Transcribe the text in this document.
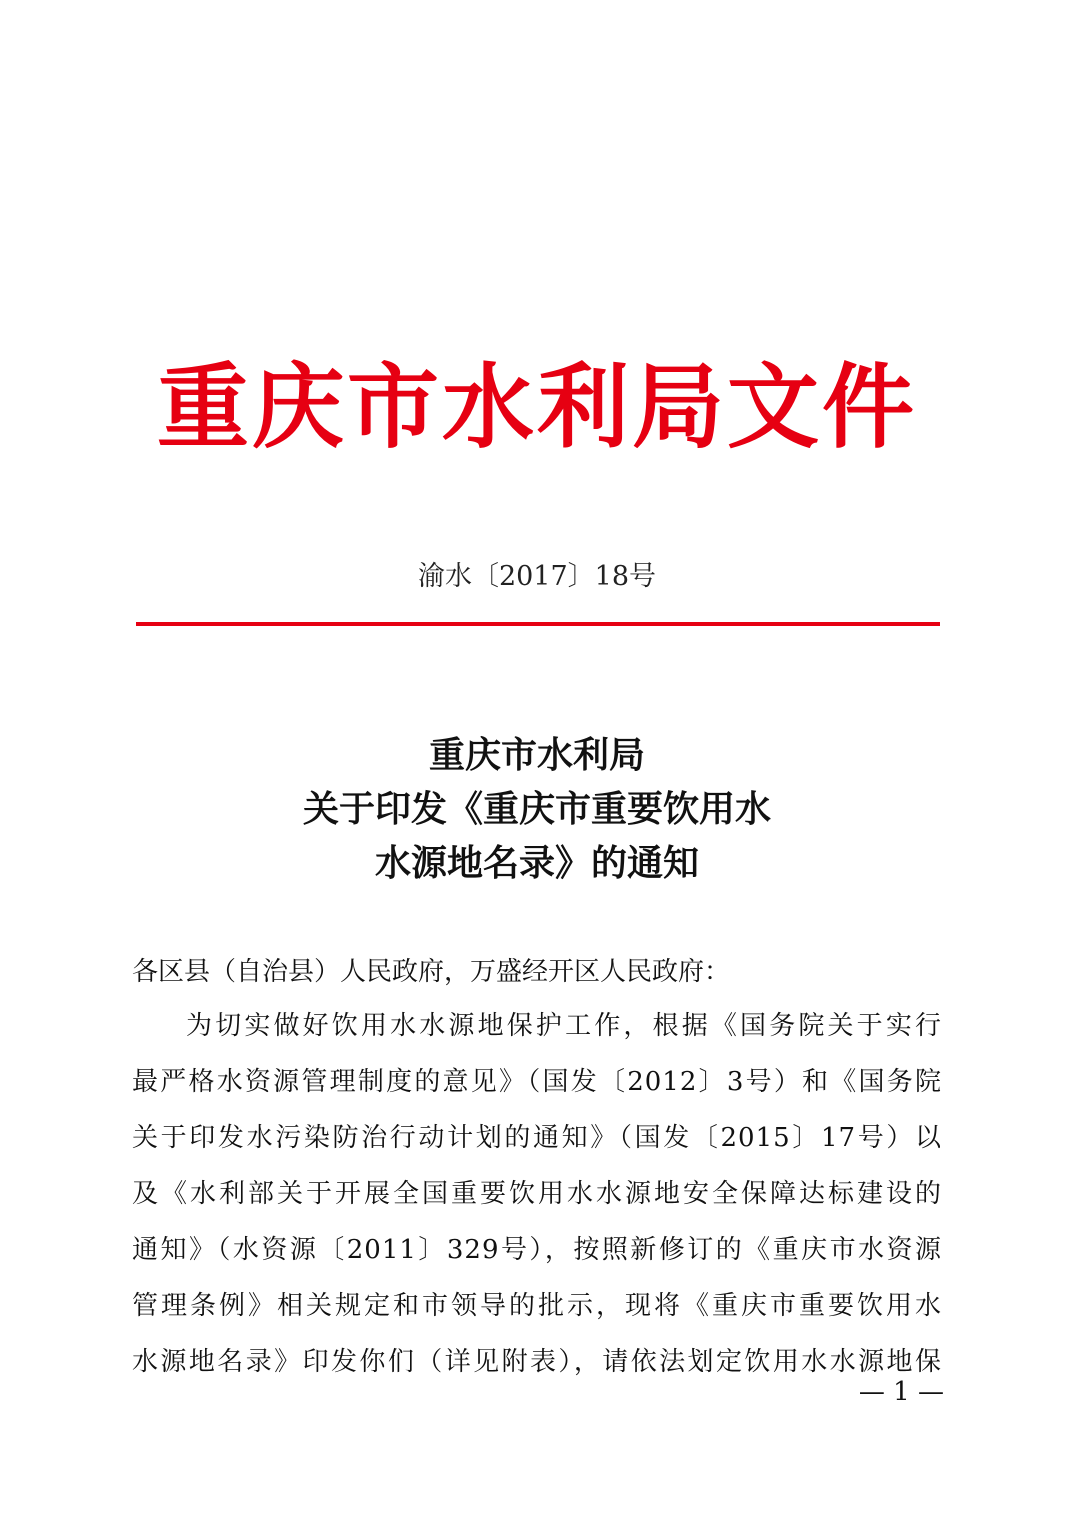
重庆市水利局文件
渝水〔2017〕18号
重庆市水利局
关于印发《重庆市重要饮用水
水源地名录》的通知
各区县（自治县）人民政府，万盛经开区人民政府：
为切实做好饮用水水源地保护工作，根据《国务院关于实行
最严格水资源管理制度的意见》（国发〔2012〕3号）和《国务院
关于印发水污染防治行动计划的通知》（国发〔2015〕17号）以
及《水利部关于开展全国重要饮用水水源地安全保障达标建设的
通知》（水资源〔2011〕329号），按照新修订的《重庆市水资源
管理条例》相关规定和市领导的批示，现将《重庆市重要饮用水
水源地名录》印发你们（详见附表），请依法划定饮用水水源地保
— 1 —
